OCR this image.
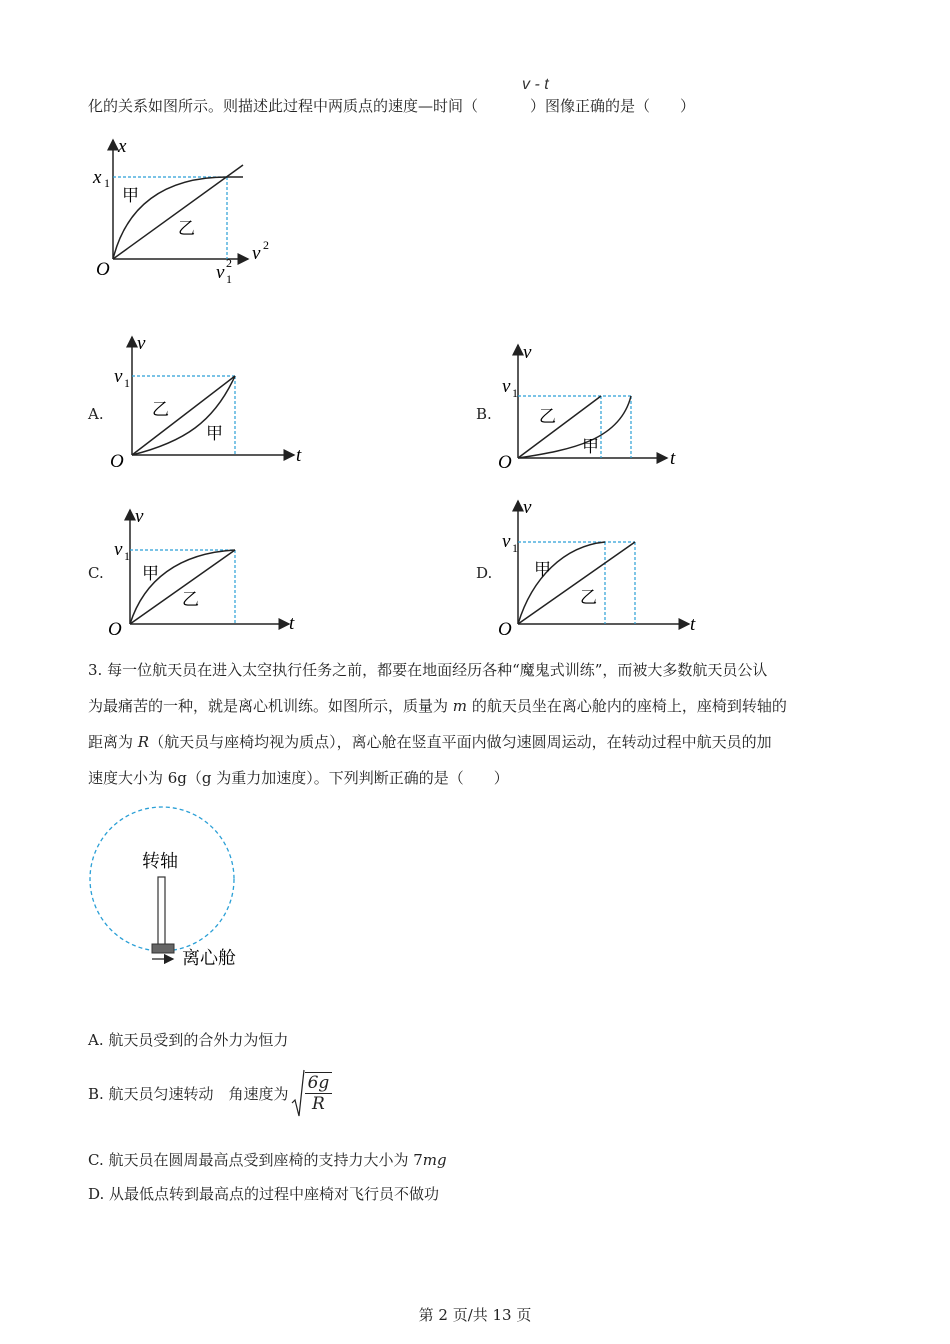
化的关系如图所示。则描述此过程中两质点的速度—时间（	）图像正确的是（　　）
v - t
x
x 1
甲
乙
O	v 2
1
v 2
A.
v
v 1
乙
甲
O	t
B.
v
v 1
乙
甲
O	t
C.
v
v 1
甲
乙
O	t
D.
v
v 1
甲
乙
O	t
3. 每一位航天员在进入太空执行任务之前，都要在地面经历各种“魔鬼式训练”，而被大多数航天员公认
为最痛苦的一种，就是离心机训练。如图所示，质量为 m 的航天员坐在离心舱内的座椅上，座椅到转轴的
距离为 R（航天员与座椅均视为质点），离心舱在竖直平面内做匀速圆周运动，在转动过程中航天员的加
速度大小为 6g（g 为重力加速度）。下列判断正确的是（　　）
转轴
离心舱
A. 航天员受到的合外力为恒力
B. 航天员匀速转动　角速度为 $\frac{6g}{R}$
C. 航天员在圆周最高点受到座椅的支持力大小为 7mg
D. 从最低点转到最高点的过程中座椅对飞行员不做功
第 2 页/共 13 页
